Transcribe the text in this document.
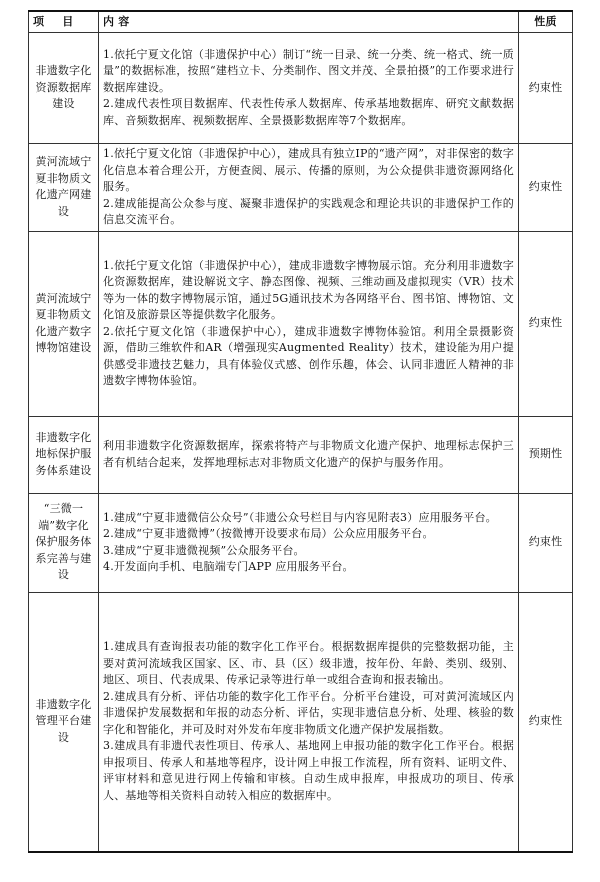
项 目	内 容	性质
非遗数字化资源数据库建设	1.依托宁夏文化馆（非遗保护中心）制订“统一目录、统一分类、统一格式、统一质量”的数据标准，按照“建档立卡、分类制作、图文并茂、全景拍摄”的工作要求进行数据库建设。

2.建成代表性项目数据库、代表性传承人数据库、传承基地数据库、研究文献数据库、音频数据库、视频数据库、全景摄影数据库等7个数据库。	约束性
黄河流域宁夏非物质文化遗产网建设	1.依托宁夏文化馆（非遗保护中心），建成具有独立IP的“遗产网”，对非保密的数字化信息本着合理公开，方便查阅、展示、传播的原则，为公众提供非遗资源网络化服务。

2.建成能提高公众参与度、凝聚非遗保护的实践观念和理论共识的非遗保护工作的信息交流平台。	约束性
黄河流域宁夏非物质文化遗产数字博物馆建设	1.依托宁夏文化馆（非遗保护中心），建成非遗数字博物展示馆。充分利用非遗数字化资源数据库，建设解说文字、静态图像、视频、三维动画及虚拟现实（VR）技术等为一体的数字博物展示馆，通过5G通讯技术为各网络平台、图书馆、博物馆、文化馆及旅游景区等提供数字化服务。

2.依托宁夏文化馆（非遗保护中心），建成非遗数字博物体验馆。利用全景摄影资源，借助三维软件和AR（增强现实Augmented Reality）技术，建设能为用户提供感受非遗技艺魅力，具有体验仪式感、创作乐趣，体会、认同非遗匠人精神的非遗数字博物体验馆。	约束性
非遗数字化地标保护服务体系建设	利用非遗数字化资源数据库，探索将特产与非物质文化遗产保护、地理标志保护三者有机结合起来，发挥地理标志对非物质文化遗产的保护与服务作用。	预期性
“三微一端”数字化保护服务体系完善与建设	1.建成“宁夏非遗微信公众号”（非遗公众号栏目与内容见附表3）应用服务平台。

2.建成“宁夏非遗微博”（按微博开设要求布局）公众应用服务平台。

3.建成“宁夏非遗微视频”公众服务平台。

4.开发面向手机、电脑端专门APP 应用服务平台。	约束性
非遗数字化管理平台建设	1.建成具有查询报表功能的数字化工作平台。根据数据库提供的完整数据功能，主要对黄河流域我区国家、区、市、县（区）级非遗，按年份、年龄、类别、级别、地区、项目、代表成果、传承记录等进行单一或组合查询和报表输出。

2.建成具有分析、评估功能的数字化工作平台。分析平台建设，可对黄河流域区内非遗保护发展数据和年报的动态分析、评估，实现非遗信息分析、处理、核验的数字化和智能化，并可及时对外发布年度非物质文化遗产保护发展指数。

3.建成具有非遗代表性项目、传承人、基地网上申报功能的数字化工作平台。根据申报项目、传承人和基地等程序，设计网上申报工作流程，所有资料、证明文件、评审材料和意见进行网上传输和审核。自动生成申报库，申报成功的项目、传承人、基地等相关资料自动转入相应的数据库中。	约束性
